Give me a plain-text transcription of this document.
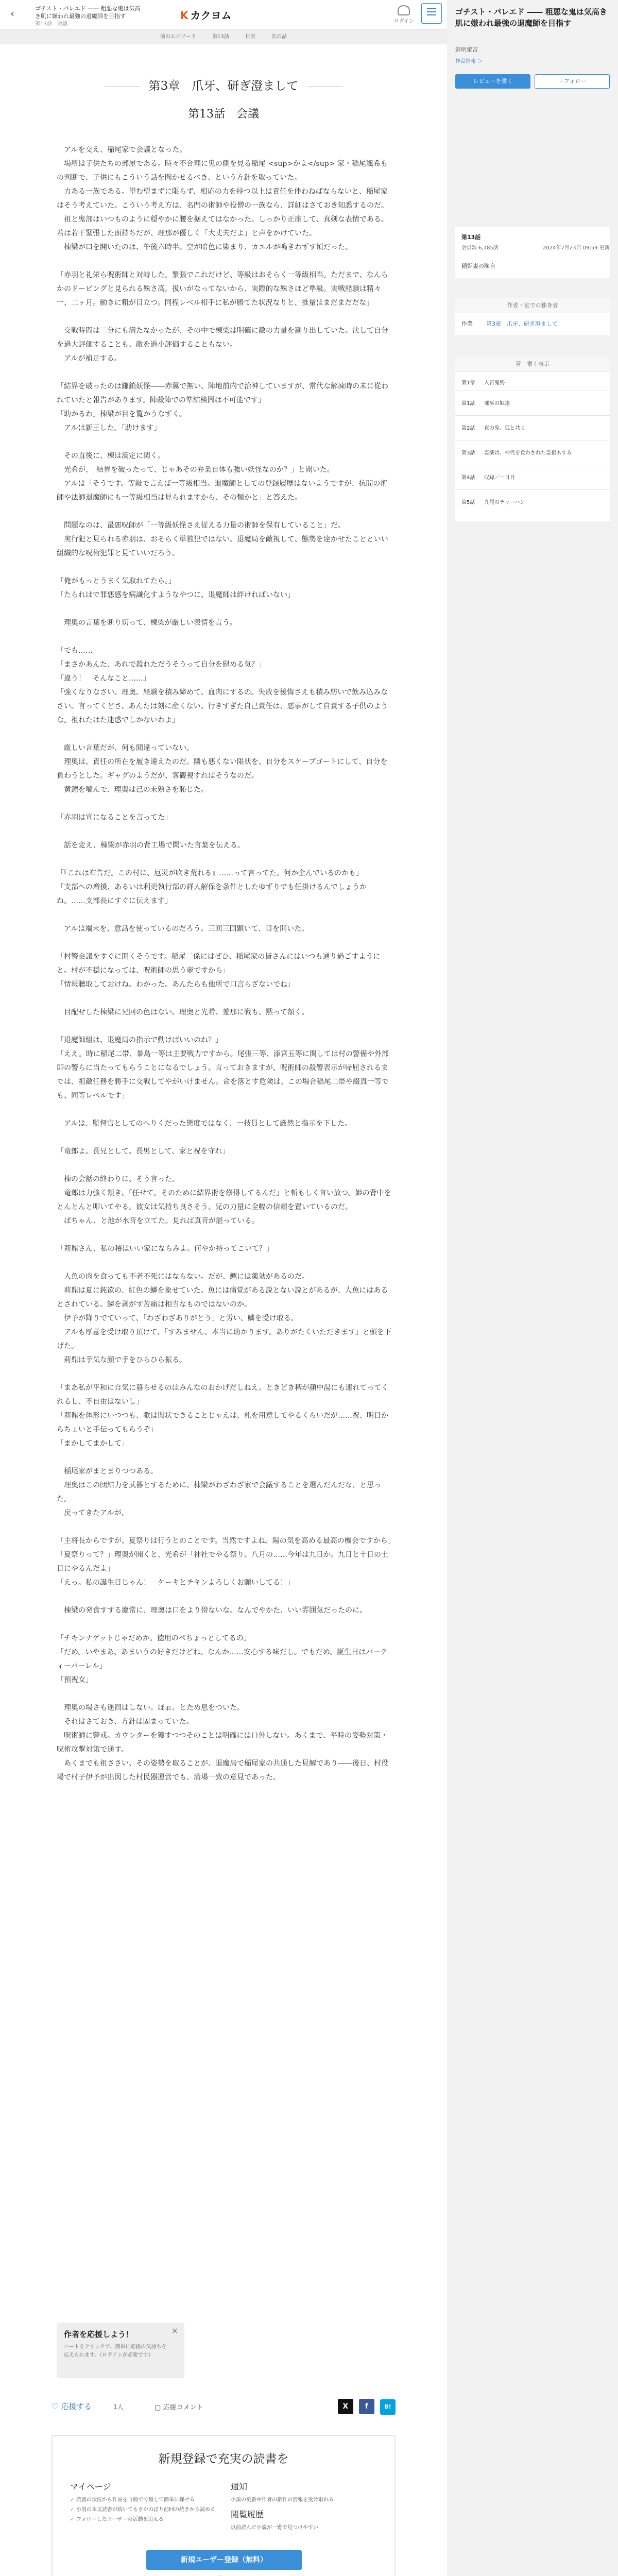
‹	ゴチスト・パレエド ―― 粗悪な鬼は気高き肌に嫌われ最強の退魔師を目指す
第13話　会議
K カクヨム	ログイン
前のエピソード	第13話	目次	次の話
第3章　爪牙、研ぎ澄まして
第13話　会議

　アルを交え、稲尾家で会議となった。

　場所は子供たちの部屋である。時々不合理に鬼の側を見る稲尾 <sup>かよ</sup> 家・稲尾颯希もの判断で、子供にもこういう話を聞かせるべき、という方針を取っていた。

　力ある一族である。望む望まずに限らず、相応の力を持つ以上は責任を伴わねばならないと、稲尾家はそう考えていた。こういう考え方は、名門の術師や役僧の一族なら、詳細はさておき知悉するのだ。

　祖と鬼部はいつものように穏やかに腰を据えてはなかった。しっかり正座して、真剣な表情である。若は若干緊張した面持ちだが、理那が優しく「大丈夫だよ」と声をかけていた。

　棟梁が口を開いたのは、午後六時半。空が暗色に染まり、カエルが鳴きわずす頃だった。

「赤羽と礼栄ら呪術師と対峙した。緊張でこれだけど、等級はおそらく一等級相当。ただまで、なんらかのドーピングと見られる殊さ高。扱いがなってないから、実際的な殊さほど準級。実戦経験は精々一、二ヶ月。動きに粗が目立つ。同程レベル相手に私が勝てた状況なりと、推量はまだまだだな」

　交戦時間は二分にも満たなかったが、その中で棟梁は明確に敵の力量を割り出していた。決して自分を過大評価することも、敵を過小評価することもない。

　アルが補足する。

「結界を破ったのは鎌鎖妖怪――赤翼で無い、陣地前内で治神していますが、常代な解凍時の未に從われていたと報告があります。陣殺陣での準結検固は不可能です」

「助かるわ」棟梁が目を覧かうなずく。

　アルは新王した。「助けます」

　その直後に、棟は滴定に関く。

　光希が、「結界を破ったって、じゃあその弁業自体も強い妖怪なのか？」と聞いた。

　アルは「そうです。等級で言えば一等級相当。退魔師としての登録履歴はないようですが、抗間の術師や法師退魔師にも一等級相当は見られますから、その類かと」と答えた。

　問題なのは、最悪呪師が「一等級妖怪さえ従える力量の術師を保有していること」だ。

　実行犯と見られる赤羽は、おそらく単独犯ではない。退魔局を敵視して、態勢を達かせたことといい組織的な呪術犯罪と見ていいだろう。

「俺がもっとうまく気取れてたら。」

「たられはで罪悪感を病識化すようなやつに、退魔師は絆ければいない」

　理奥の言葉を断り切って、棟梁が厳しい表情を言う。

「でも……」

「まさかあんた、あれで殺れただうそうって自分を慰める気？」

「違う！　そんなこと……」

「強くなりなさい。理奥。経験を積み締めて、血肉にするの。失敗を後悔さえも積み紡いで飲み込みなさい。言ってくどさ、あんたは刻に産くない。行きすぎた自己責任は、悪事がして自責する子供のような。祖れたはた迷惑でしかないわよ」

　厳しい言葉だが、何も間違っていない。

　理奥は、責任の所在を履き違えたのだ。隣も悪くない限状を、自分をスケープゴートにして、自分を負わうとした。ギャグのようだが、客観視すればそうなのだ。

　黄鐘を噛んで、理奥は己の未熟さを恥じた。

「赤羽は宣になることを言ってた」

　話を変え、棟梁が赤羽の背工場で聞いた言葉を伝える。

「『これは布告だ。この村に、厄災が吹き荒れる』……って言ってた。何か企んでいるのかも」

「支部への増援、あるいは利更執行部の詳人解保を条件としたゆずりでも任掛けるんでしょうかね。……支部長にすぐに伝えます」

　アルは端末を、意話を使っているのだろう。三回三回顕いて、目を開いた。

「村警会議をすぐに開くそうです。稲尾二係にはぜひ、稲尾家の皆さんにはいつも通り過ごすようにと。村が不穏になっては、呪術師の思う壺ですから」

「情報聴取しておけね。わかった。あんたらも他所で口言らざないでね」

　目配せした棟梁に兄回の色はない。理奥と光希、羞那に戦も、黙って頷く。

「退魔師組は、退魔局の指示で動けばいいのね？」

「ええ。時に稲尾二帯、暴島一等は主要戦力ですから。尾張三等、添宮五等に関しては村の警備や外部即の警らに当たってもらうことになるでしょう。言っておきますが、呪術師の殺警表示が帰屈されるまでは、祖敵任務を勝手に交戦してやがいけません。命を落とす危険は、この場合稲尾二帯や綴真一等でも、同等レベルです」

　アルは、監督官としてのへりくだった態度ではなく、一技員として厳然と指示を下した。

「竜郎よ。長兄として。長男として、家と祝を守れ」

　棟の会話の終わりに、そう言った。

　竜郎は力強く頷き、「任せて。そのために結界術を修得してるんだ」と斬もしく言い放つ。姫の背中をとんとんと叩いてやる。彼女は気持ち良さそう。兄の力量に全幅の信頼を置いているのだ。

　ぱちゃん、と池が水音を立てた。見れば真音が湛っている。

「莉鼎さん、私の稽はいい家にならみよ。何やか持ってこいて？」

　人魚の肉を食っても不老不死にはならない。だが、鯛には薬効があるのだ。

　莉鼎は夏に鈍欲の、紅色の鱗を象せていた。魚には痛覚がある説とない説とがあるが、人魚にはあるとされている。鱗を剥がす苦痛は相当なものではないのか。

　伊予が降りでていって、「わざわざありがとう」と労い、鱗を受け取る。

　アルも厚意を受け取り頂けて、「すみません。本当に助かります。ありがたくいただきます」と頭を下げた。

　莉鼎は芋気な顔で手をひらひら振る。

「まあ私が平和に自気に暮らせるのはみんなのおかげだしねえ。ときどき稗が顔中湯にも連れてってくれるし、不自由はないし」

「莉鼎を体形にいつつも、歌は関状できることじゃえは、札を用意してやるくらいだが……祝、明日からちょいと手伝ってもらうぞ」

「まかしてまかして」

　稲尾家がまとまりつつある。

　理奥はこの団結力を武器とするために、棟梁がわざわざ家で会議することを選んだんだな、と思った。

　戻ってきたアルが、

「主将長からですが、夏祭りは行うとのことです。当然ですよね。陽の気を高める最高の機会ですから」

「夏祭りって？」理奥が聞くと、光希が「神社でやる祭り。八月の……今年は九日か。九日と十日の土日にやるんだよ」

「えっ。私の誕生日じゃん！　ケーキとチキンよろしくお願いしてる！」

　棟梁の発食すする慶常に、理奥は口をより傍ないな。なんでやかた、いい雰囲気だったのに。

「チキンナゲットじゃだめか。徳用のペちょっとしてるの」

「だめ。いやまあ、あまいうの好きだけどね。なんか……安心する味だし。でもだめ。誕生日はパーティーパーレル」

「預祝女」

　理奥の場さも遥回はしない。ほぉ。とため息をついた。

　それはさておき、方針は固まっていた。

　呪術師に警戒。カウンターを獲すつつそのことは明確には口外しない。あくまで、平時の姿勢対策・呪術攻撃対策で通す。

　あくまでも祖ささい、その姿勢を取ることが、退魔局で稲尾家の共通した見解であり――後日、村役場で村子伊予が出図した村民器運営でも、満場一致の意見であった。

作者を応援しよう！
ハートをクリックで、簡単に応援の気持ちを伝えられます。（ログインが必要です）
×
♡ 応援する	1人	▢ 応援コメント	X f	B!
新規登録で充実の読書を
マイページ
✓ 読書の状況から作品を自動で分類して簡単に探せる
✓ 小説の本文読書が続いてもさかのぼり前回の続きから読める
✓ フォローしたユーザーの活動を追える
通知
小説の更新や作者の新作の情報を受け取れる
閲覧履歴
以前読んだ小説が一覧で見つけやすい
新規ユーザー登録（無料）
ゴチスト・パレエド ―― 粗悪な鬼は気高き肌に嫌われ最強の退魔師を目指す
鮮明蜜宮
作品情報 ＞
レビューを書く	＋フォロー
第13話
会員数 6,185話	2024年7月23日 09:59 更新
稲姫妻の陳自
作者・定での独身者
作業 第3章　爪牙、研ぎ澄まして
冒　書く表示
第1章 入宮鬼勢
第1話 邪巫の姫達
第2話 夜の鬼、狐と共く
第3話 霊薬は、神代を食わされた霊祖木する
第4話 収録／一日目
第5話 九尾のチャーハン
